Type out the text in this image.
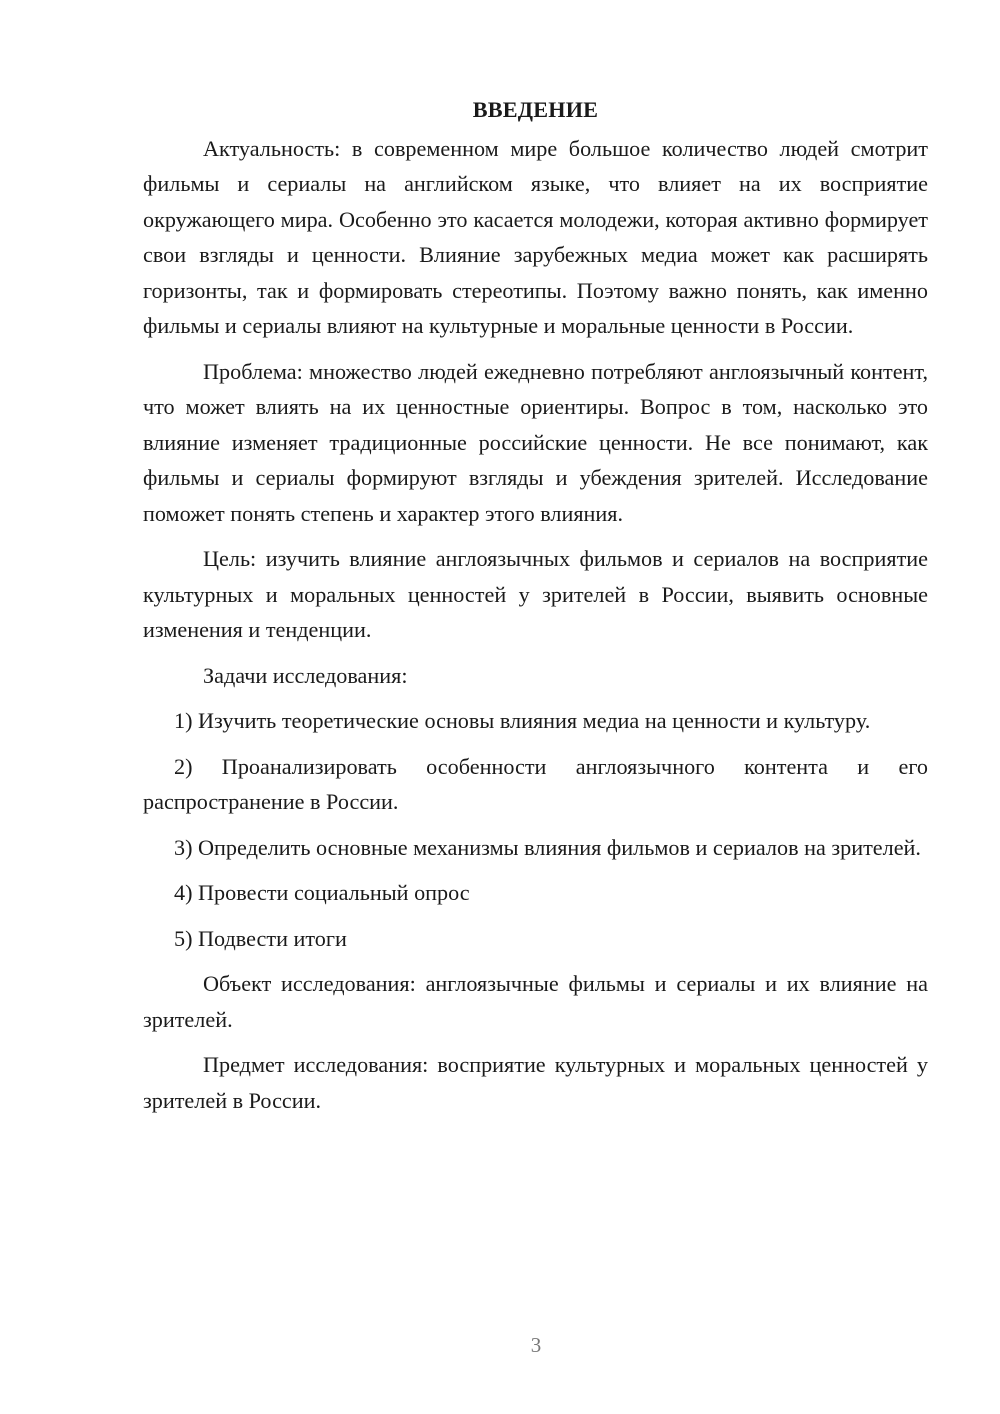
ВВЕДЕНИЕ

Актуальность: в современном мире большое количество людей смотрит фильмы и сериалы на английском языке, что влияет на их восприятие окружающего мира. Особенно это касается молодежи, которая активно формирует свои взгляды и ценности. Влияние зарубежных медиа может как расширять горизонты, так и формировать стереотипы. Поэтому важно понять, как именно фильмы и сериалы влияют на культурные и моральные ценности в России.

Проблема: множество людей ежедневно потребляют англоязычный контент, что может влиять на их ценностные ориентиры. Вопрос в том, насколько это влияние изменяет традиционные российские ценности. Не все понимают, как фильмы и сериалы формируют взгляды и убеждения зрителей. Исследование поможет понять степень и характер этого влияния.

Цель: изучить влияние англоязычных фильмов и сериалов на восприятие культурных и моральных ценностей у зрителей в России, выявить основные изменения и тенденции.

Задачи исследования:

1) Изучить теоретические основы влияния медиа на ценности и культуру.

2) Проанализировать особенности англоязычного контента и его распространение в России.

3) Определить основные механизмы влияния фильмов и сериалов на зрителей.

4) Провести социальный опрос

5) Подвести итоги

Объект исследования: англоязычные фильмы и сериалы и их влияние на зрителей.

Предмет исследования: восприятие культурных и моральных ценностей у зрителей в России.

3
